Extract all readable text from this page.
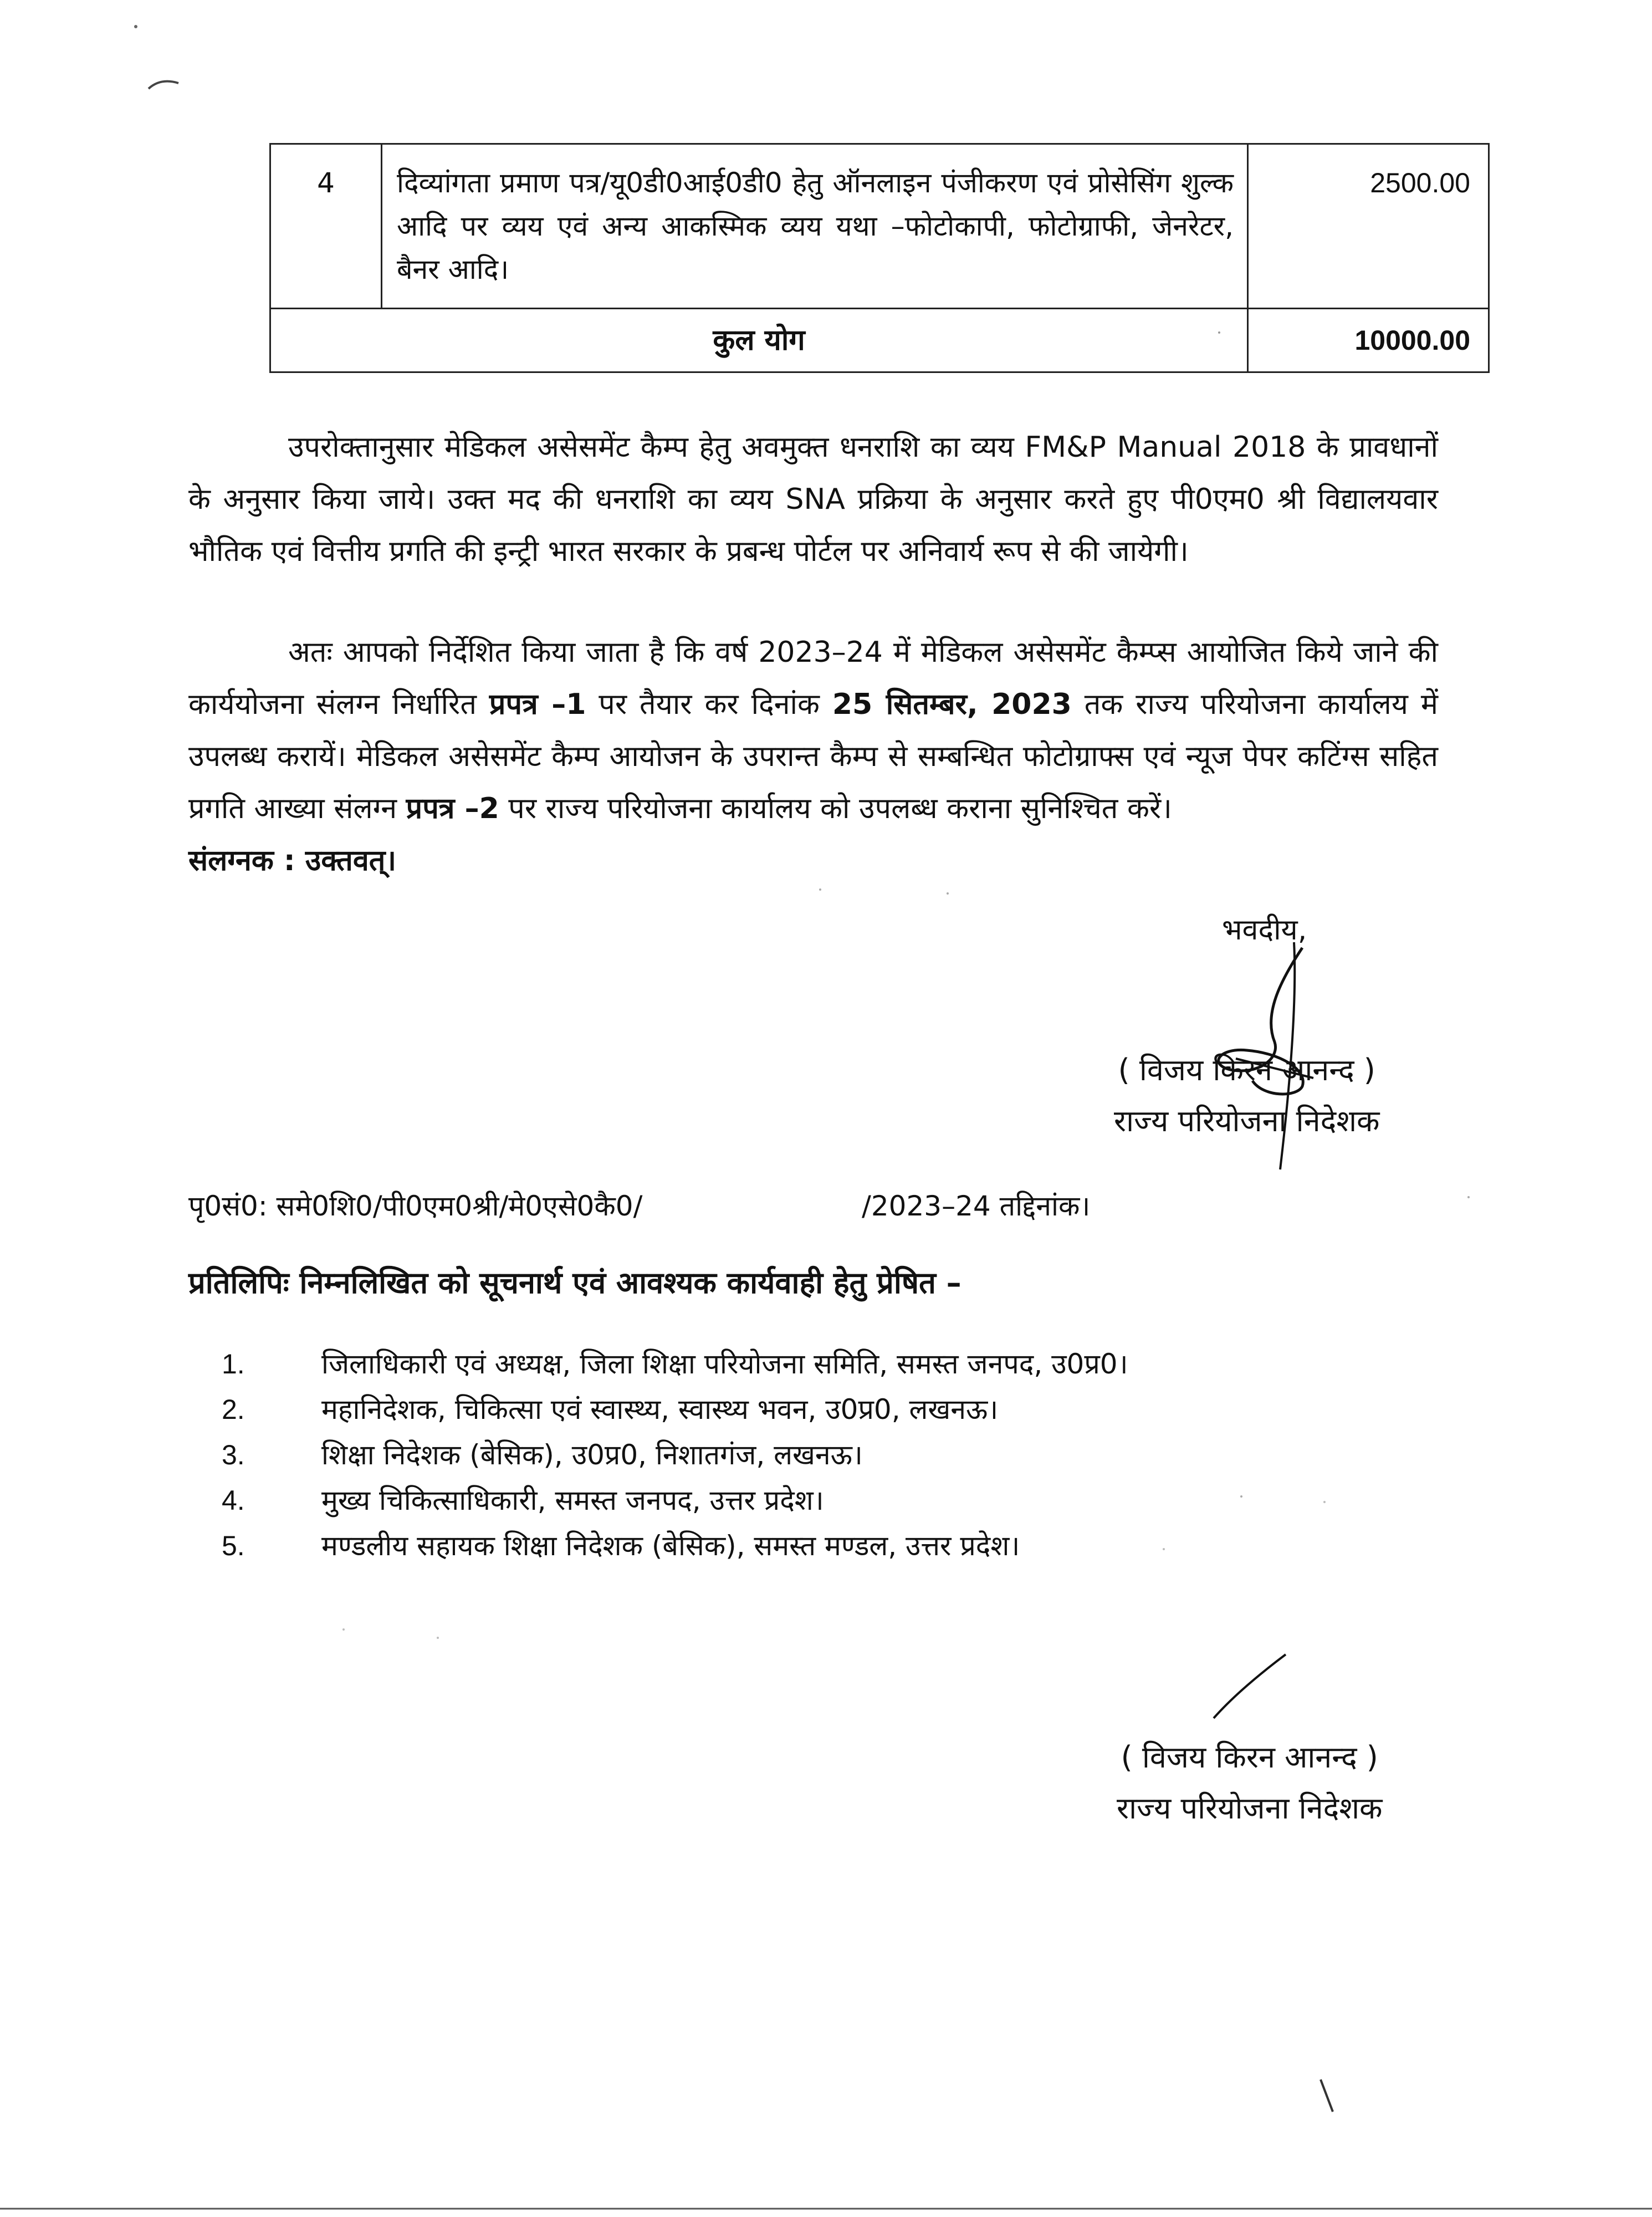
4	दिव्यांगता प्रमाण पत्र/यू0डी0आई0डी0 हेतु ऑनलाइन पंजीकरण एवं प्रोसेसिंग शुल्क आदि पर व्यय एवं अन्य आकस्मिक व्यय यथा –फोटोकापी, फोटोग्राफी, जेनरेटर, बैनर आदि।	2500.00
कुल योग		10000.00

उपरोक्तानुसार मेडिकल असेसमेंट कैम्प हेतु अवमुक्त धनराशि का व्यय FM&P Manual 2018 के प्रावधानों के अनुसार किया जाये। उक्त मद की धनराशि का व्यय SNA प्रक्रिया के अनुसार करते हुए पी0एम0 श्री विद्यालयवार भौतिक एवं वित्तीय प्रगति की इन्ट्री भारत सरकार के प्रबन्ध पोर्टल पर अनिवार्य रूप से की जायेगी।

अतः आपको निर्देशित किया जाता है कि वर्ष 2023–24 में मेडिकल असेसमेंट कैम्प्स आयोजित किये जाने की कार्ययोजना संलग्न निर्धारित प्रपत्र –1 पर तैयार कर दिनांक 25 सितम्बर, 2023 तक राज्य परियोजना कार्यालय में उपलब्ध करायें। मेडिकल असेसमेंट कैम्प आयोजन के उपरान्त कैम्प से सम्बन्धित फोटोग्राफ्स एवं न्यूज पेपर कटिंग्स सहित प्रगति आख्या संलग्न प्रपत्र –2 पर राज्य परियोजना कार्यालय को उपलब्ध कराना सुनिश्चित करें।

संलग्नक : उक्तवत्।
भवदीय,
( विजय किरन आनन्द )
राज्य परियोजना निदेशक
पृ0सं0: समे0शि0/पी0एम0श्री/मे0एसे0कै0/	/2023–24 तद्दिनांक।
प्रतिलिपिः निम्नलिखित को सूचनार्थ एवं आवश्यक कार्यवाही हेतु प्रेषित –
1.	जिलाधिकारी एवं अध्यक्ष, जिला शिक्षा परियोजना समिति, समस्त जनपद, उ0प्र0।
2.	महानिदेशक, चिकित्सा एवं स्वास्थ्य, स्वास्थ्य भवन, उ0प्र0, लखनऊ।
3.	शिक्षा निदेशक (बेसिक), उ0प्र0, निशातगंज, लखनऊ।
4.	मुख्य चिकित्साधिकारी, समस्त जनपद, उत्तर प्रदेश।
5.	मण्डलीय सहायक शिक्षा निदेशक (बेसिक), समस्त मण्डल, उत्तर प्रदेश।
( विजय किरन आनन्द )
राज्य परियोजना निदेशक
